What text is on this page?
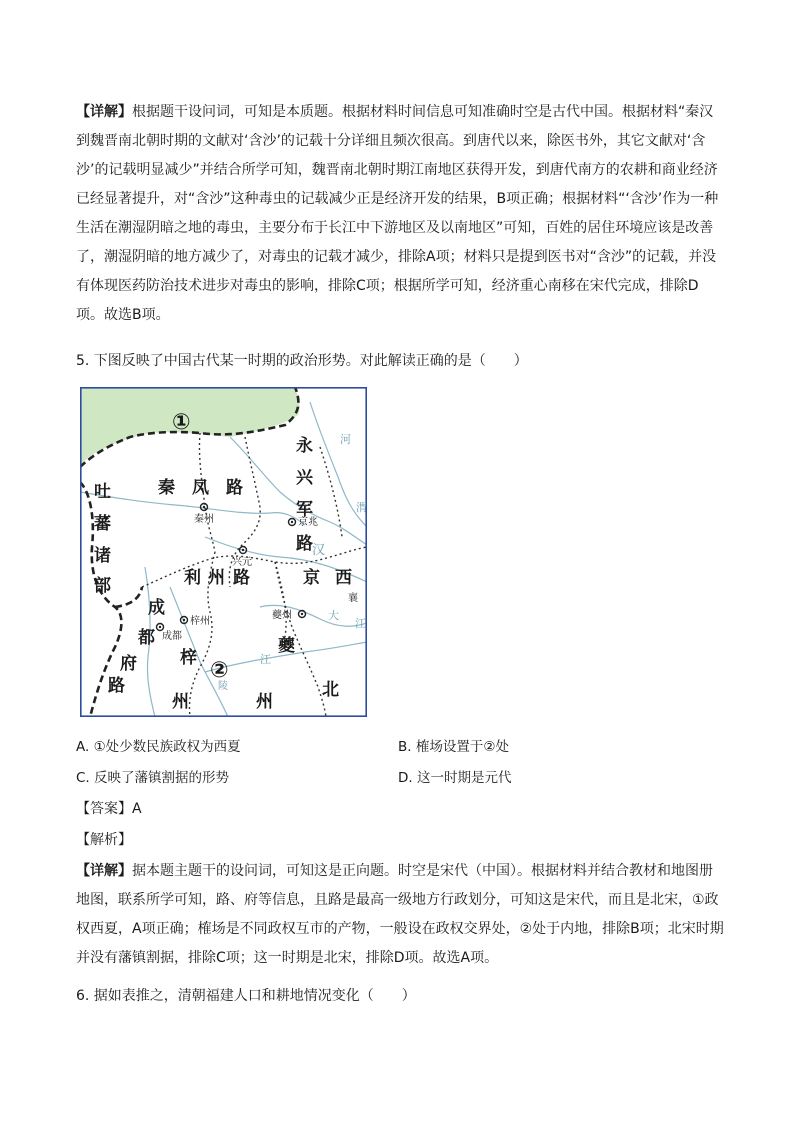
【详解】根据题干设问词，可知是本质题。根据材料时间信息可知准确时空是古代中国。根据材料“秦汉到魏晋南北朝时期的文献对‘含沙’的记载十分详细且频次很高。到唐代以来，除医书外，其它文献对‘含沙’的记载明显减少”并结合所学可知，魏晋南北朝时期江南地区获得开发，到唐代南方的农耕和商业经济已经显著提升，对“含沙”这种毒虫的记载减少正是经济开发的结果，B项正确；根据材料“‘含沙’作为一种生活在潮湿阴暗之地的毒虫，主要分布于长江中下游地区及以南地区”可知，百姓的居住环境应该是改善了，潮湿阴暗的地方减少了，对毒虫的记载才减少，排除A项；材料只是提到医书对“含沙”的记载，并没有体现医药防治技术进步对毒虫的影响，排除C项；根据所学可知，经济重心南移在宋代完成，排除D项。故选B项。

5. 下图反映了中国古代某一时期的政治形势。对此解读正确的是（　　）
①
②
吐
蕃
诸
部
秦 凤 路
永
兴
军
路
利 州 路	京 西
成
都
府
路
夔
梓
州	州
北
秦州	京兆
兴元
成都
梓州
夔州
襄
河
汉
江
大
江
渭
陵
A. ①处少数民族政权为西夏	B. 榷场设置于②处
C. 反映了藩镇割据的形势	D. 这一时期是元代
【答案】A
【解析】

【详解】据本题主题干的设问词，可知这是正向题。时空是宋代（中国）。根据材料并结合教材和地图册地图，联系所学可知，路、府等信息，且路是最高一级地方行政划分，可知这是宋代，而且是北宋，①政权西夏，A项正确；榷场是不同政权互市的产物，一般设在政权交界处，②处于内地，排除B项；北宋时期并没有藩镇割据，排除C项；这一时期是北宋，排除D项。故选A项。

6. 据如表推之，清朝福建人口和耕地情况变化（　　）
